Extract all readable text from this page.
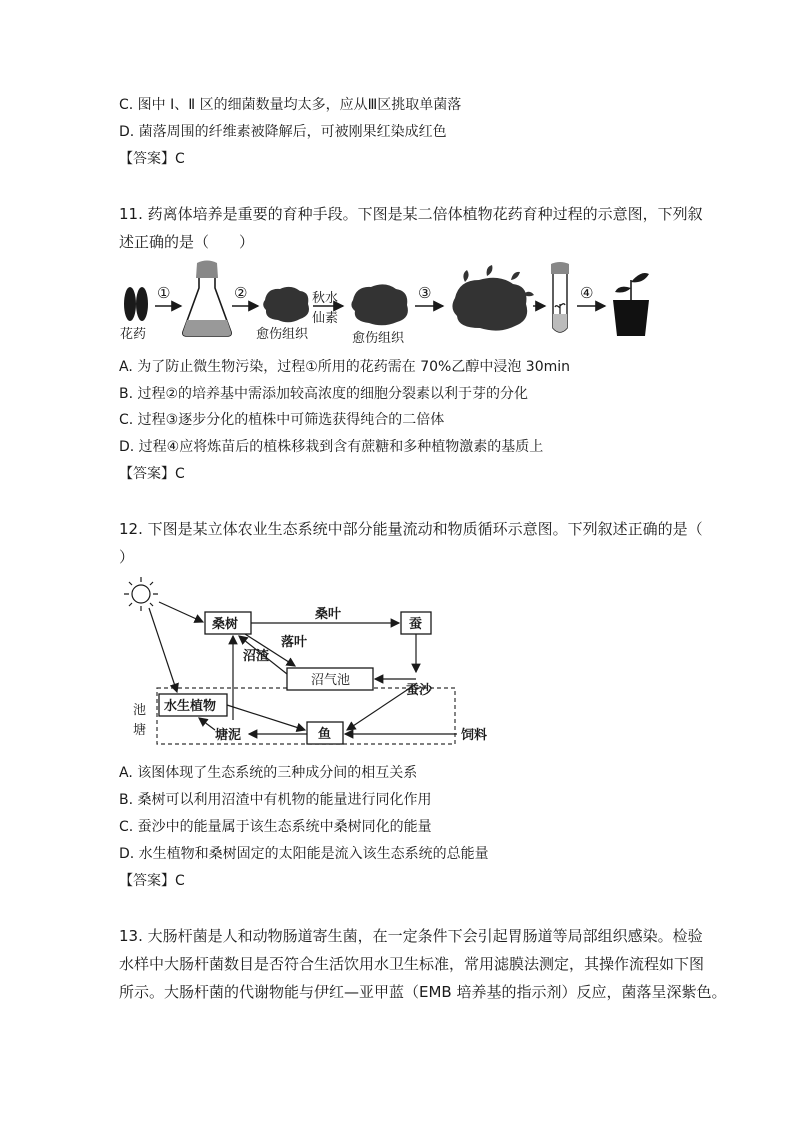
C. 图中 Ⅰ、Ⅱ 区的细菌数量均太多，应从Ⅲ区挑取单菌落
D. 菌落周围的纤维素被降解后，可被刚果红染成红色
【答案】C
11. 药离体培养是重要的育种手段。下图是某二倍体植物花药育种过程的示意图，下列叙
述正确的是（　　）
花药
①	②
愈伤组织
秋水
仙素
愈伤组织
③	④
A. 为了防止微生物污染，过程①所用的花药需在 70%乙醇中浸泡 30min
B. 过程②的培养基中需添加较高浓度的细胞分裂素以利于芽的分化
C. 过程③逐步分化的植株中可筛选获得纯合的二倍体
D. 过程④应将炼苗后的植株移栽到含有蔗糖和多种植物激素的基质上
【答案】C
12. 下图是某立体农业生态系统中部分能量流动和物质循环示意图。下列叙述正确的是（
）
池
塘
桑树	蚕
沼气池
水生植物
鱼
桑叶
蚕沙
沼渣
落叶
塘泥	饲料
A. 该图体现了生态系统的三种成分间的相互关系
B. 桑树可以利用沼渣中有机物的能量进行同化作用
C. 蚕沙中的能量属于该生态系统中桑树同化的能量
D. 水生植物和桑树固定的太阳能是流入该生态系统的总能量
【答案】C
13. 大肠杆菌是人和动物肠道寄生菌，在一定条件下会引起胃肠道等局部组织感染。检验
水样中大肠杆菌数目是否符合生活饮用水卫生标准，常用滤膜法测定，其操作流程如下图
所示。大肠杆菌的代谢物能与伊红—亚甲蓝（EMB 培养基的指示剂）反应，菌落呈深紫色。
